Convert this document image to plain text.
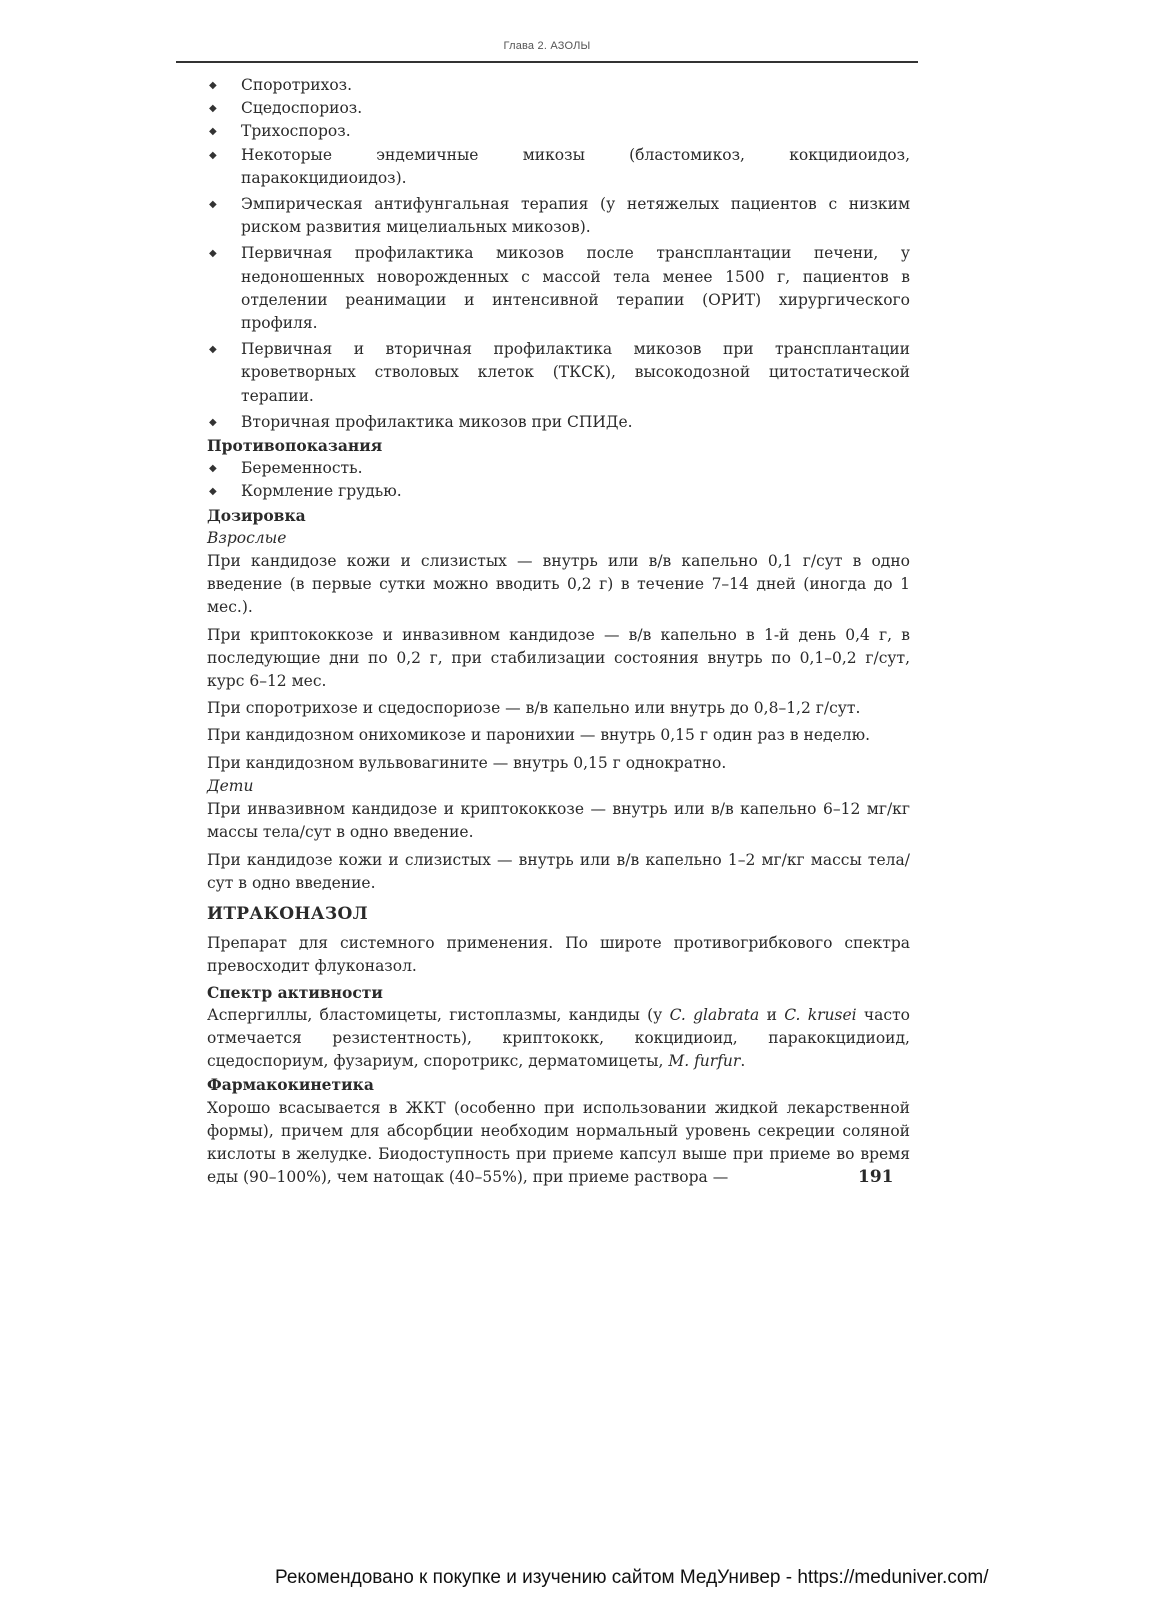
Глава 2. АЗОЛЫ
◆
Споротрихоз.
◆
Сцедоспориоз.
◆
Трихоспороз.
◆
Некоторые эндемичные микозы (бластомикоз, кокцидиоидоз, паракокцидиоидоз).
◆
Эмпирическая антифунгальная терапия (у нетяжелых пациентов с низким риском развития мицелиальных микозов).
◆
Первичная профилактика микозов после трансплантации печени, у недоношенных новорожденных с массой тела менее 1500 г, пациентов в отделении реанимации и интенсивной терапии (ОРИТ) хирургического профиля.
◆
Первичная и вторичная профилактика микозов при трансплантации кроветворных стволовых клеток (ТКСК), высокодозной цитостатической терапии.
◆
Вторичная профилактика микозов при СПИДе.

Противопоказания

◆
Беременность.
◆
Кормление грудью.

Дозировка

Взрослые

При кандидозе кожи и слизистых — внутрь или в/в капельно 0,1 г/сут в одно введение (в первые сутки можно вводить 0,2 г) в течение 7–14 дней (иногда до 1 мес.).

При криптококкозе и инвазивном кандидозе — в/в капельно в 1-й день 0,4 г, в последующие дни по 0,2 г, при стабилизации состояния внутрь по 0,1–0,2 г/сут, курс 6–12 мес.

При споротрихозе и сцедоспориозе — в/в капельно или внутрь до 0,8–1,2 г/сут.

При кандидозном онихомикозе и паронихии — внутрь 0,15 г один раз в неделю.

При кандидозном вульвовагините — внутрь 0,15 г однократно.

Дети

При инвазивном кандидозе и криптококкозе — внутрь или в/в капельно 6–12 мг/кг массы тела/сут в одно введение.

При кандидозе кожи и слизистых — внутрь или в/в капельно 1–2 мг/кг массы тела/сут в одно введение.

ИТРАКОНАЗОЛ

Препарат для системного применения. По широте противогрибкового спектра превосходит флуконазол.

Спектр активности

Аспергиллы, бластомицеты, гистоплазмы, кандиды (у C. glabrata и C. krusei часто отмечается резистентность), криптококк, кокцидиоид, паракокцидиоид, сцедоспориум, фузариум, споротрикс, дерматомицеты, M. furfur.

Фармакокинетика

Хорошо всасывается в ЖКТ (особенно при использовании жидкой лекарственной формы), причем для абсорбции необходим нормальный уровень секреции соляной кислоты в желудке. Биодоступность при приеме капсул выше при приеме во время еды (90–100%), чем натощак (40–55%), при приеме раствора —	191
Рекомендовано к покупке и изучению сайтом МедУнивер - https://meduniver.com/
